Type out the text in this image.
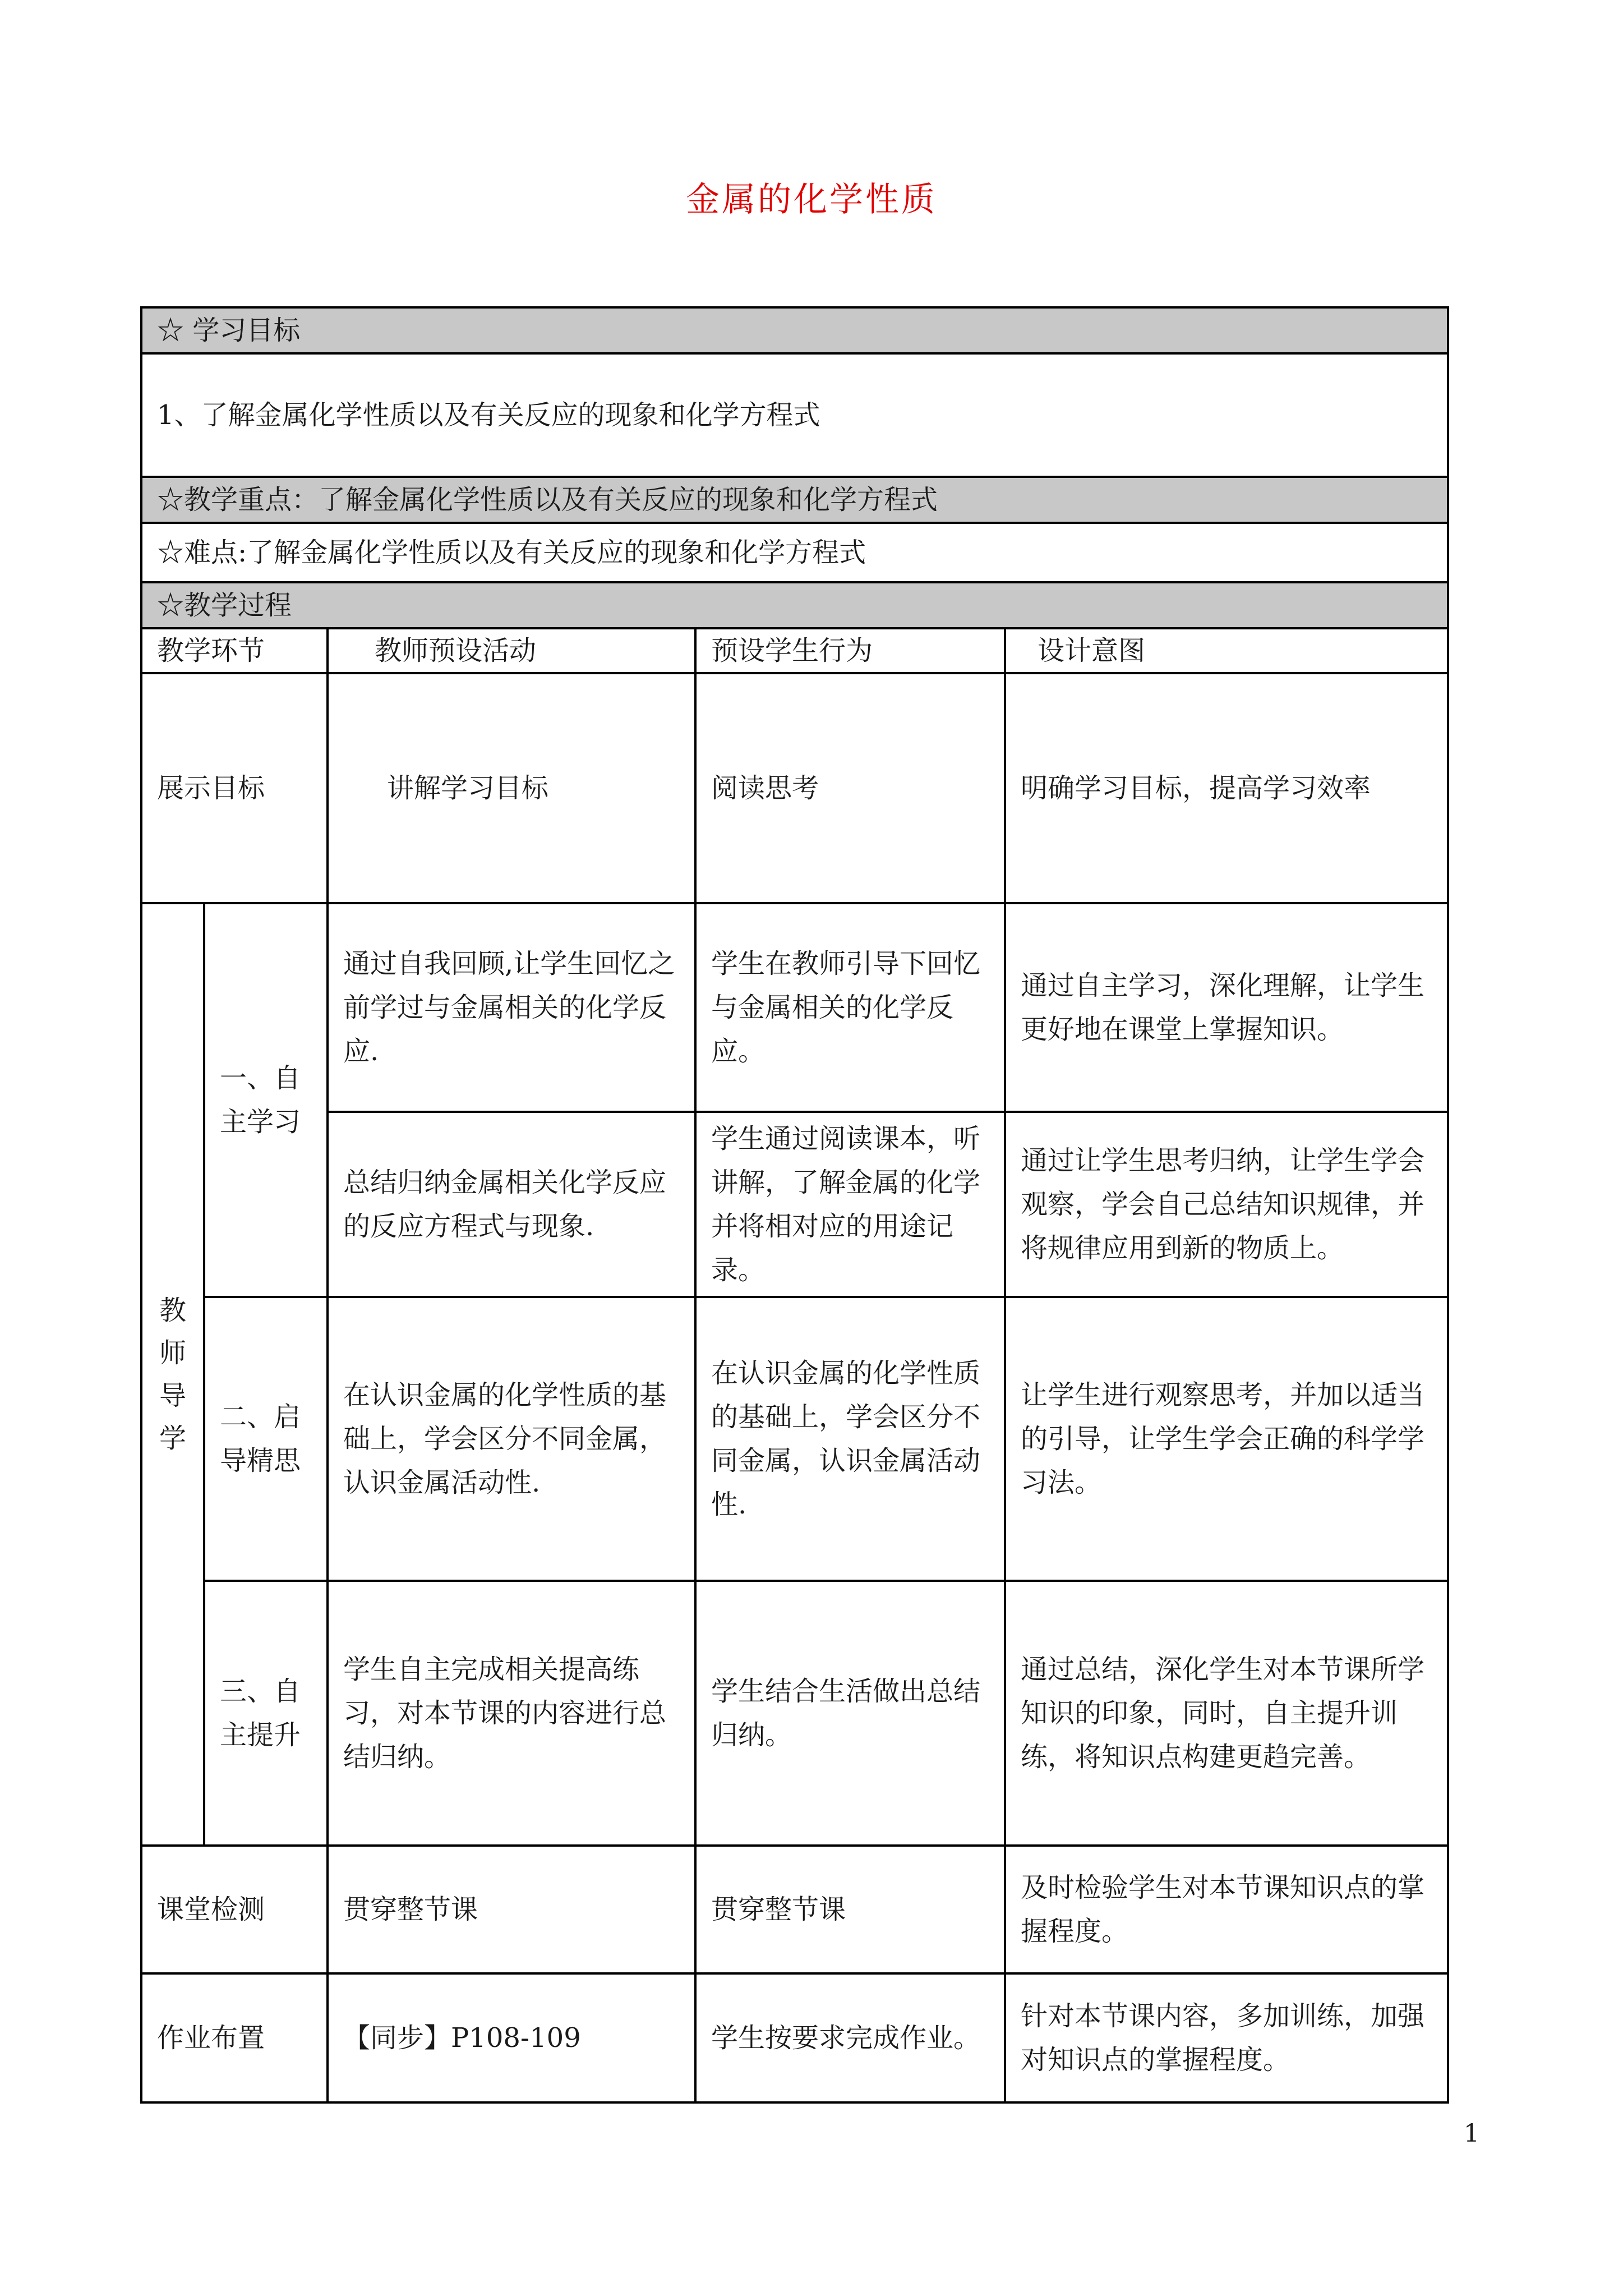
金属的化学性质
☆ 学习目标				
1、了解金属化学性质以及有关反应的现象和化学方程式				
☆教学重点：了解金属化学性质以及有关反应的现象和化学方程式				
☆难点:了解金属化学性质以及有关反应的现象和化学方程式				
☆教学过程				
教学环节		教师预设活动	预设学生行为	设计意图
展示目标		讲解学习目标	阅读思考	明确学习目标，提高学习效率

教
师
导
学	一、自主学习	通过自我回顾,让学生回忆之前学过与金属相关的化学反应.	学生在教师引导下回忆与金属相关的化学反应。	通过自主学习，深化理解，让学生更好地在课堂上掌握知识。
		总结归纳金属相关化学反应的反应方程式与现象.	学生通过阅读课本，听讲解，了解金属的化学并将相对应的用途记录。	通过让学生思考归纳，让学生学会观察，学会自己总结知识规律，并将规律应用到新的物质上。
	二、启导精思	在认识金属的化学性质的基础上，学会区分不同金属，认识金属活动性.	在认识金属的化学性质的基础上，学会区分不同金属，认识金属活动性.	让学生进行观察思考，并加以适当的引导，让学生学会正确的科学学习法。
	三、自主提升	学生自主完成相关提高练习，对本节课的内容进行总结归纳。	学生结合生活做出总结归纳。	通过总结，深化学生对本节课所学知识的印象，同时，自主提升训练，将知识点构建更趋完善。
课堂检测		贯穿整节课	贯穿整节课	及时检验学生对本节课知识点的掌握程度。
作业布置		【同步】P108-109	学生按要求完成作业。	针对本节课内容，多加训练，加强对知识点的掌握程度。
1
